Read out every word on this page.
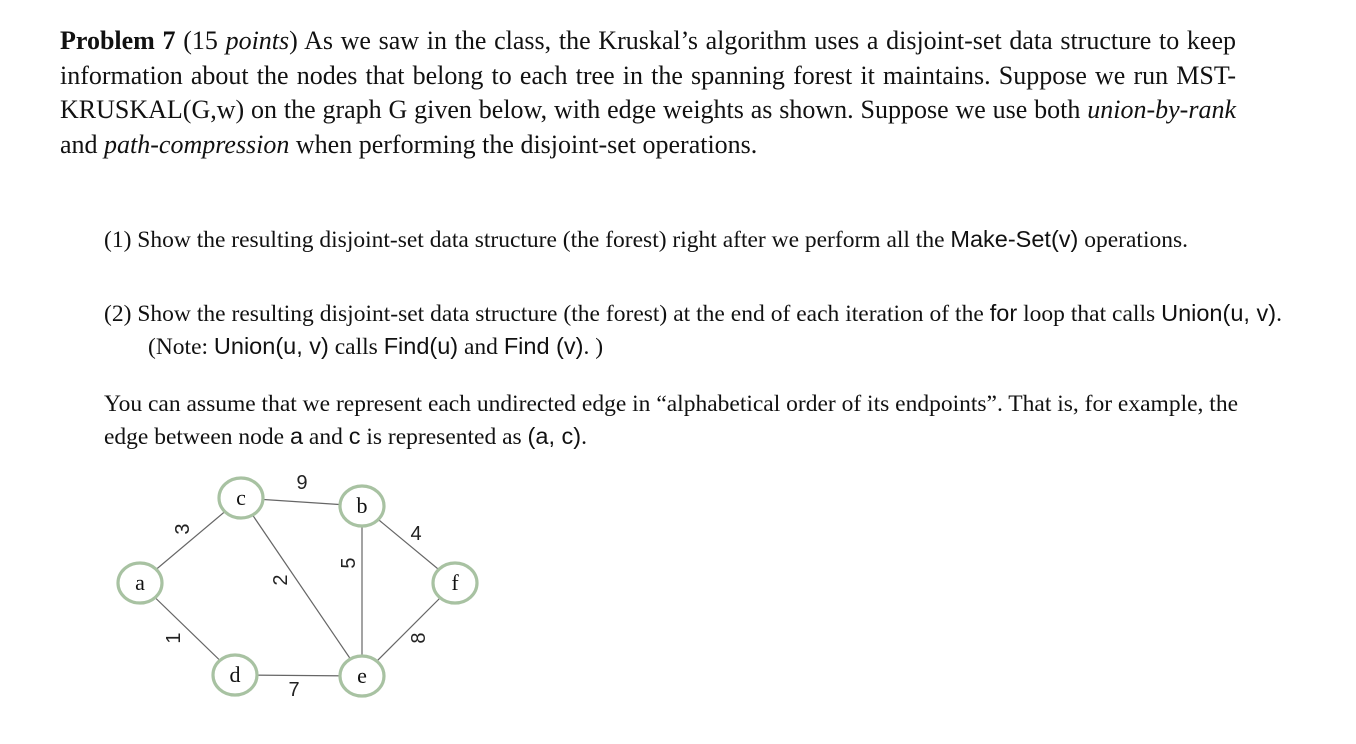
Problem 7 (15 points) As we saw in the class, the Kruskal’s algorithm uses a disjoint-set data structure to keep information about the nodes that belong to each tree in the spanning forest it maintains. Suppose we run MST-KRUSKAL(G,w) on the graph G given below, with edge weights as shown. Suppose we use both union-by-rank and path-compression when performing the disjoint-set operations.
(1) Show the resulting disjoint-set data structure (the forest) right after we perform all the Make-Set(v) operations.
(2) Show the resulting disjoint-set data structure (the forest) at the end of each iteration of the for loop that calls Union(u, v). (Note: Union(u, v) calls Find(u) and Find (v). )
You can assume that we represent each undirected edge in “alphabetical order of its endpoints”. That is, for example, the edge between node a and c is represented as (a, c).
3
1
6
2
5
4
7
8
a
b
c
d	e
f
